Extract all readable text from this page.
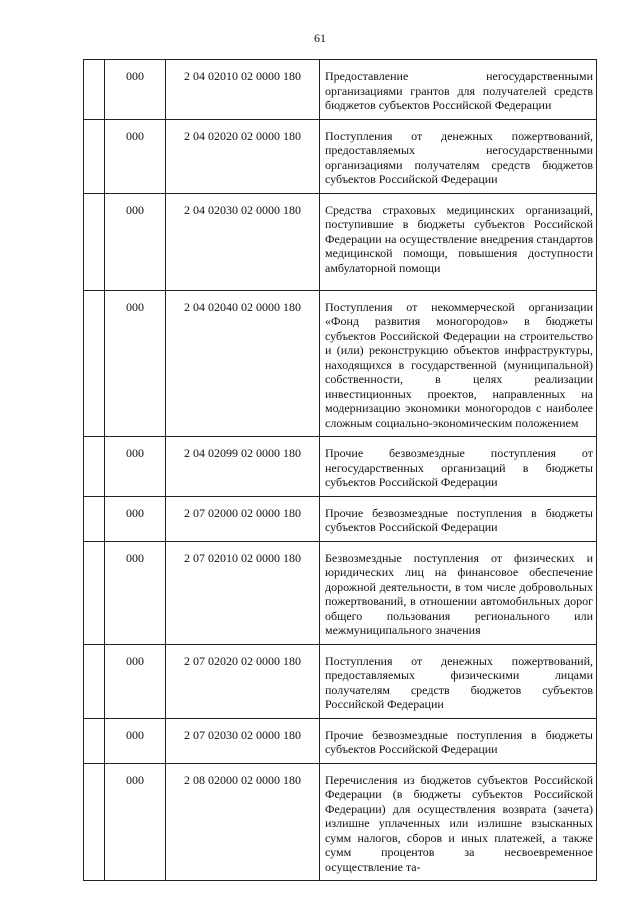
61
	000	2 04 02010 02 0000 180	Предоставление негосударственными организациями грантов для получателей средств бюджетов субъектов Российской Федерации
	000	2 04 02020 02 0000 180	Поступления от денежных пожертвований, предоставляемых негосударственными организациями получателям средств бюджетов субъектов Российской Федерации
	000	2 04 02030 02 0000 180	Средства страховых медицинских организаций, поступившие в бюджеты субъектов Российской Федерации на осуществление внедрения стандартов медицинской помощи, повышения доступности амбулаторной помощи
	000	2 04 02040 02 0000 180	Поступления от некоммерческой организации «Фонд развития моногородов» в бюджеты субъектов Российской Федерации на строительство и (или) реконструкцию объектов инфраструктуры, находящихся в государственной (муниципальной) собственности, в целях реализации инвестиционных проектов, направленных на модернизацию экономики моногородов с наиболее сложным социально-экономическим положением
	000	2 04 02099 02 0000 180	Прочие безвозмездные поступления от негосударственных организаций в бюджеты субъектов Российской Федерации
	000	2 07 02000 02 0000 180	Прочие безвозмездные поступления в бюджеты субъектов Российской Федерации
	000	2 07 02010 02 0000 180	Безвозмездные поступления от физических и юридических лиц на финансовое обеспечение дорожной деятельности, в том числе добровольных пожертвований, в отношении автомобильных дорог общего пользования регионального или межмуниципального значения
	000	2 07 02020 02 0000 180	Поступления от денежных пожертвований, предоставляемых физическими лицами получателям средств бюджетов субъектов Российской Федерации
	000	2 07 02030 02 0000 180	Прочие безвозмездные поступления в бюджеты субъектов Российской Федерации
	000	2 08 02000 02 0000 180	Перечисления из бюджетов субъектов Российской Федерации (в бюджеты субъектов Российской Федерации) для осуществления возврата (зачета) излишне уплаченных или излишне взысканных сумм налогов, сборов и иных платежей, а также сумм процентов за несвоевременное осуществление та-
